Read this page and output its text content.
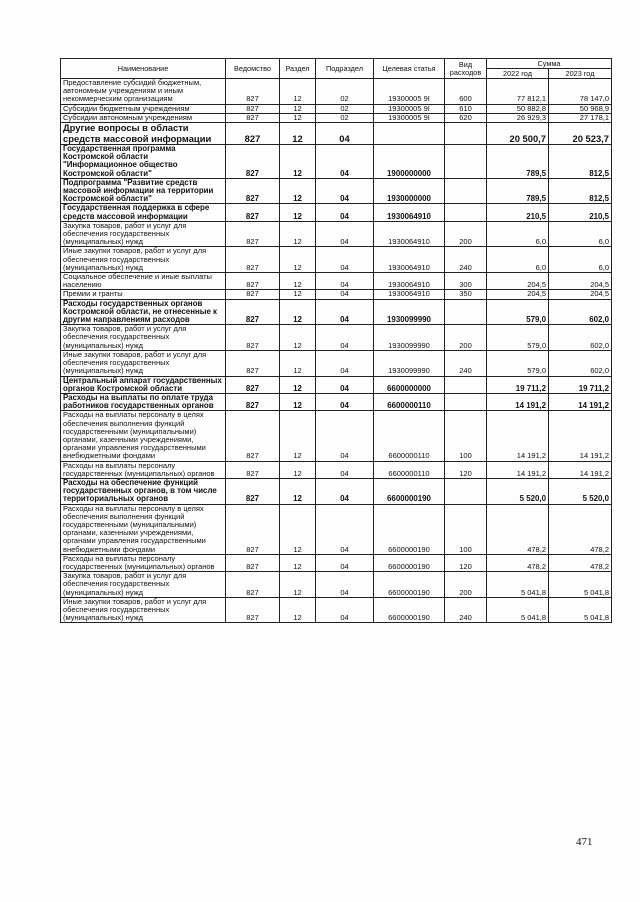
Наименование	Ведомство	Раздел	Подраздел	Целевая статья	Вид расходов	Сумма	
						2022 год	2023 год
Предоставление субсидий бюджетным, автономным учреждениям и иным некоммерческим организациям	827	12	02	19300005 9I	600	77 812,1	78 147,0
Субсидии бюджетным учреждениям	827	12	02	19300005 9I	610	50 882,8	50 968,9
Субсидии автономным учреждениям	827	12	02	19300005 9I	620	26 929,3	27 178,1
Другие вопросы в области средств массовой информации	827	12	04			20 500,7	20 523,7
Государственная программа Костромской области "Информационное общество Костромской области"	827	12	04	1900000000		789,5	812,5
Подпрограмма "Развитие средств массовой информации на территории Костромской области"	827	12	04	1930000000		789,5	812,5
Государственная поддержка в сфере средств массовой информации	827	12	04	1930064910		210,5	210,5
Закупка товаров, работ и услуг для обеспечения государственных (муниципальных) нужд	827	12	04	1930064910	200	6,0	6,0
Иные закупки товаров, работ и услуг для обеспечения государственных (муниципальных) нужд	827	12	04	1930064910	240	6,0	6,0
Социальное обеспечение и иные выплаты населению	827	12	04	1930064910	300	204,5	204,5
Премии и гранты	827	12	04	1930064910	350	204,5	204,5
Расходы государственных органов Костромской области, не отнесенные к другим направлениям расходов	827	12	04	1930099990		579,0	602,0
Закупка товаров, работ и услуг для обеспечения государственных (муниципальных) нужд	827	12	04	1930099990	200	579,0	602,0
Иные закупки товаров, работ и услуг для обеспечения государственных (муниципальных) нужд	827	12	04	1930099990	240	579,0	602,0
Центральный аппарат государственных органов Костромской области	827	12	04	6600000000		19 711,2	19 711,2
Расходы на выплаты по оплате труда работников государственных органов	827	12	04	6600000110		14 191,2	14 191,2
Расходы на выплаты персоналу в целях обеспечения выполнения функций государственными (муниципальными) органами, казенными учреждениями, органами управления государственными внебюджетными фондами	827	12	04	6600000110	100	14 191,2	14 191,2
Расходы на выплаты персоналу государственных (муниципальных) органов	827	12	04	6600000110	120	14 191,2	14 191,2
Расходы на обеспечение функций государственных органов, в том числе территориальных органов	827	12	04	6600000190		5 520,0	5 520,0
Расходы на выплаты персоналу в целях обеспечения выполнения функций государственными (муниципальными) органами, казенными учреждениями, органами управления государственными внебюджетными фондами	827	12	04	6600000190	100	478,2	478,2
Расходы на выплаты персоналу государственных (муниципальных) органов	827	12	04	6600000190	120	478,2	478,2
Закупка товаров, работ и услуг для обеспечения государственных (муниципальных) нужд	827	12	04	6600000190	200	5 041,8	5 041,8
Иные закупки товаров, работ и услуг для обеспечения государственных (муниципальных) нужд	827	12	04	6600000190	240	5 041,8	5 041,8
471
